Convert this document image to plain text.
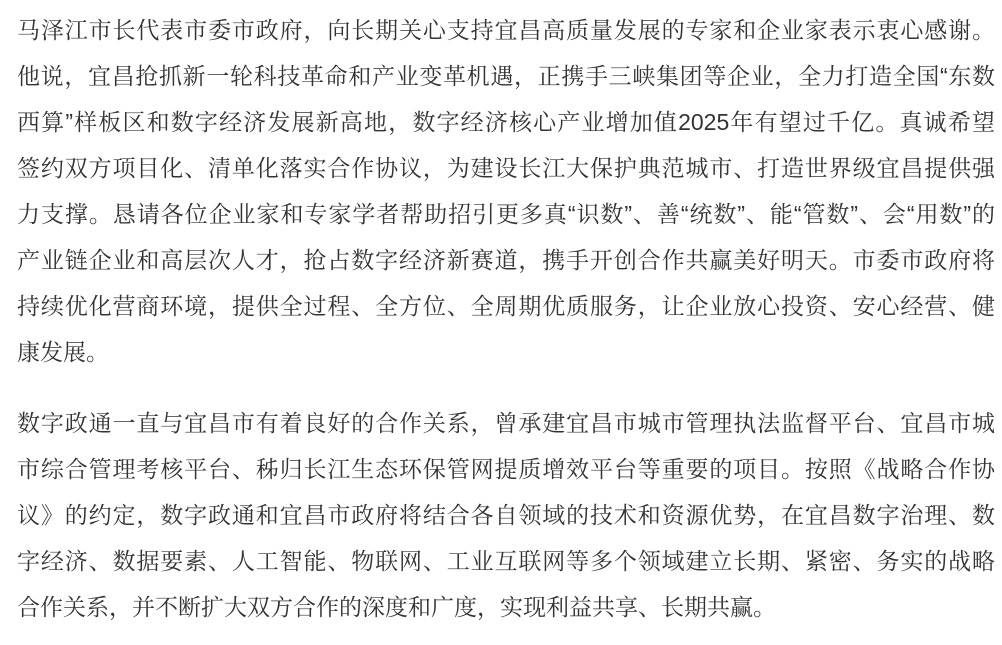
马泽江市长代表市委市政府，向长期关心支持宜昌高质量发展的专家和企业家表示衷心感谢。
他说，宜昌抢抓新一轮科技革命和产业变革机遇，正携手三峡集团等企业，全力打造全国“东数
西算”样板区和数字经济发展新高地，数字经济核心产业增加值2025年有望过千亿。真诚希望
签约双方项目化、清单化落实合作协议，为建设长江大保护典范城市、打造世界级宜昌提供强
力支撑。恳请各位企业家和专家学者帮助招引更多真“识数”、善“统数”、能“管数”、会“用数”的
产业链企业和高层次人才，抢占数字经济新赛道，携手开创合作共赢美好明天。市委市政府将
持续优化营商环境，提供全过程、全方位、全周期优质服务，让企业放心投资、安心经营、健
康发展。
数字政通一直与宜昌市有着良好的合作关系，曾承建宜昌市城市管理执法监督平台、宜昌市城
市综合管理考核平台、秭归长江生态环保管网提质增效平台等重要的项目。按照《战略合作协
议》的约定，数字政通和宜昌市政府将结合各自领域的技术和资源优势，在宜昌数字治理、数
字经济、数据要素、人工智能、物联网、工业互联网等多个领域建立长期、紧密、务实的战略
合作关系，并不断扩大双方合作的深度和广度，实现利益共享、长期共赢。
